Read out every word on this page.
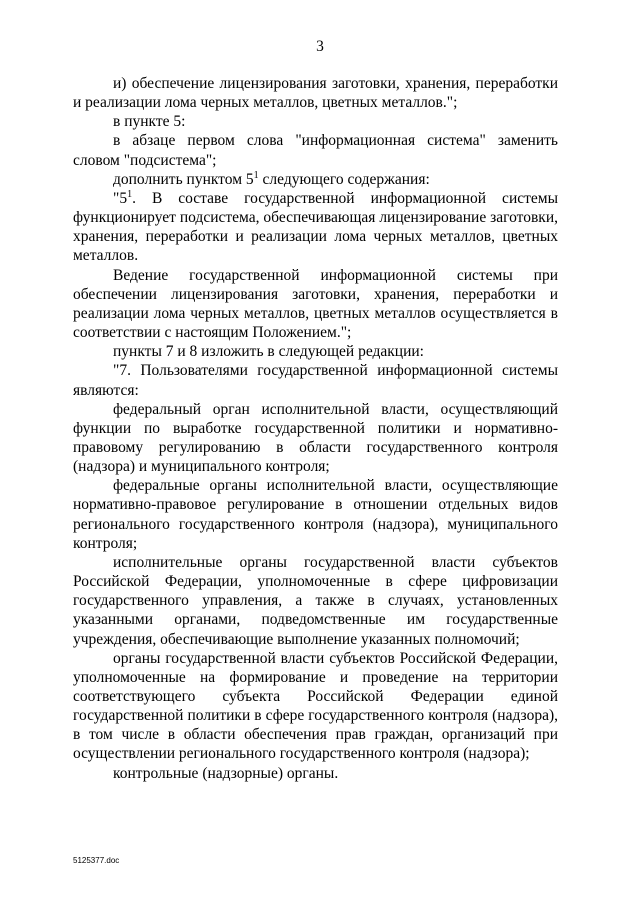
3

и) обеспечение лицензирования заготовки, хранения, переработки и реализации лома черных металлов, цветных металлов.";

в пункте 5:

в абзаце первом слова "информационная система" заменить словом "подсистема";

дополнить пунктом $5^1$ следующего содержания:

"$5^1$. В составе государственной информационной системы функционирует подсистема, обеспечивающая лицензирование заготовки, хранения, переработки и реализации лома черных металлов, цветных металлов.

Ведение государственной информационной системы при обеспечении лицензирования заготовки, хранения, переработки и реализации лома черных металлов, цветных металлов осуществляется в соответствии с настоящим Положением.";

пункты 7 и 8 изложить в следующей редакции:

"7. Пользователями государственной информационной системы являются:

федеральный орган исполнительной власти, осуществляющий функции по выработке государственной политики и нормативно-правовому регулированию в области государственного контроля (надзора) и муниципального контроля;

федеральные органы исполнительной власти, осуществляющие нормативно-правовое регулирование в отношении отдельных видов регионального государственного контроля (надзора), муниципального контроля;

исполнительные органы государственной власти субъектов Российской Федерации, уполномоченные в сфере цифровизации государственного управления, а также в случаях, установленных указанными органами, подведомственные им государственные учреждения, обеспечивающие выполнение указанных полномочий;

органы государственной власти субъектов Российской Федерации, уполномоченные на формирование и проведение на территории соответствующего субъекта Российской Федерации единой государственной политики в сфере государственного контроля (надзора), в том числе в области обеспечения прав граждан, организаций при осуществлении регионального государственного контроля (надзора);

контрольные (надзорные) органы.

5125377.doc
